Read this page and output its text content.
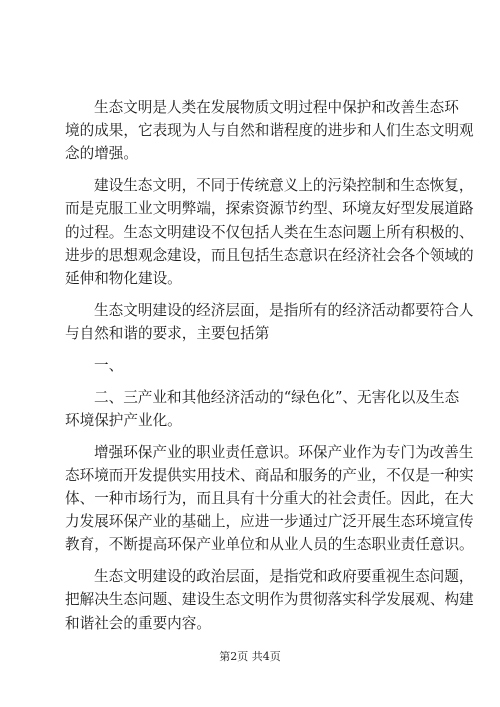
生态文明是人类在发展物质文明过程中保护和改善生态环
境的成果，它表现为人与自然和谐程度的进步和人们生态文明观
念的增强。

建设生态文明，不同于传统意义上的污染控制和生态恢复，
而是克服工业文明弊端，探索资源节约型、环境友好型发展道路
的过程。生态文明建设不仅包括人类在生态问题上所有积极的、
进步的思想观念建设，而且包括生态意识在经济社会各个领域的
延伸和物化建设。

生态文明建设的经济层面，是指所有的经济活动都要符合人
与自然和谐的要求，主要包括第

一、

二、三产业和其他经济活动的“绿色化”、无害化以及生态
环境保护产业化。

增强环保产业的职业责任意识。环保产业作为专门为改善生
态环境而开发提供实用技术、商品和服务的产业，不仅是一种实
体、一种市场行为，而且具有十分重大的社会责任。因此，在大
力发展环保产业的基础上，应进一步通过广泛开展生态环境宣传
教育，不断提高环保产业单位和从业人员的生态职业责任意识。

生态文明建设的政治层面，是指党和政府要重视生态问题，
把解决生态问题、建设生态文明作为贯彻落实科学发展观、构建
和谐社会的重要内容。

第2页 共4页
